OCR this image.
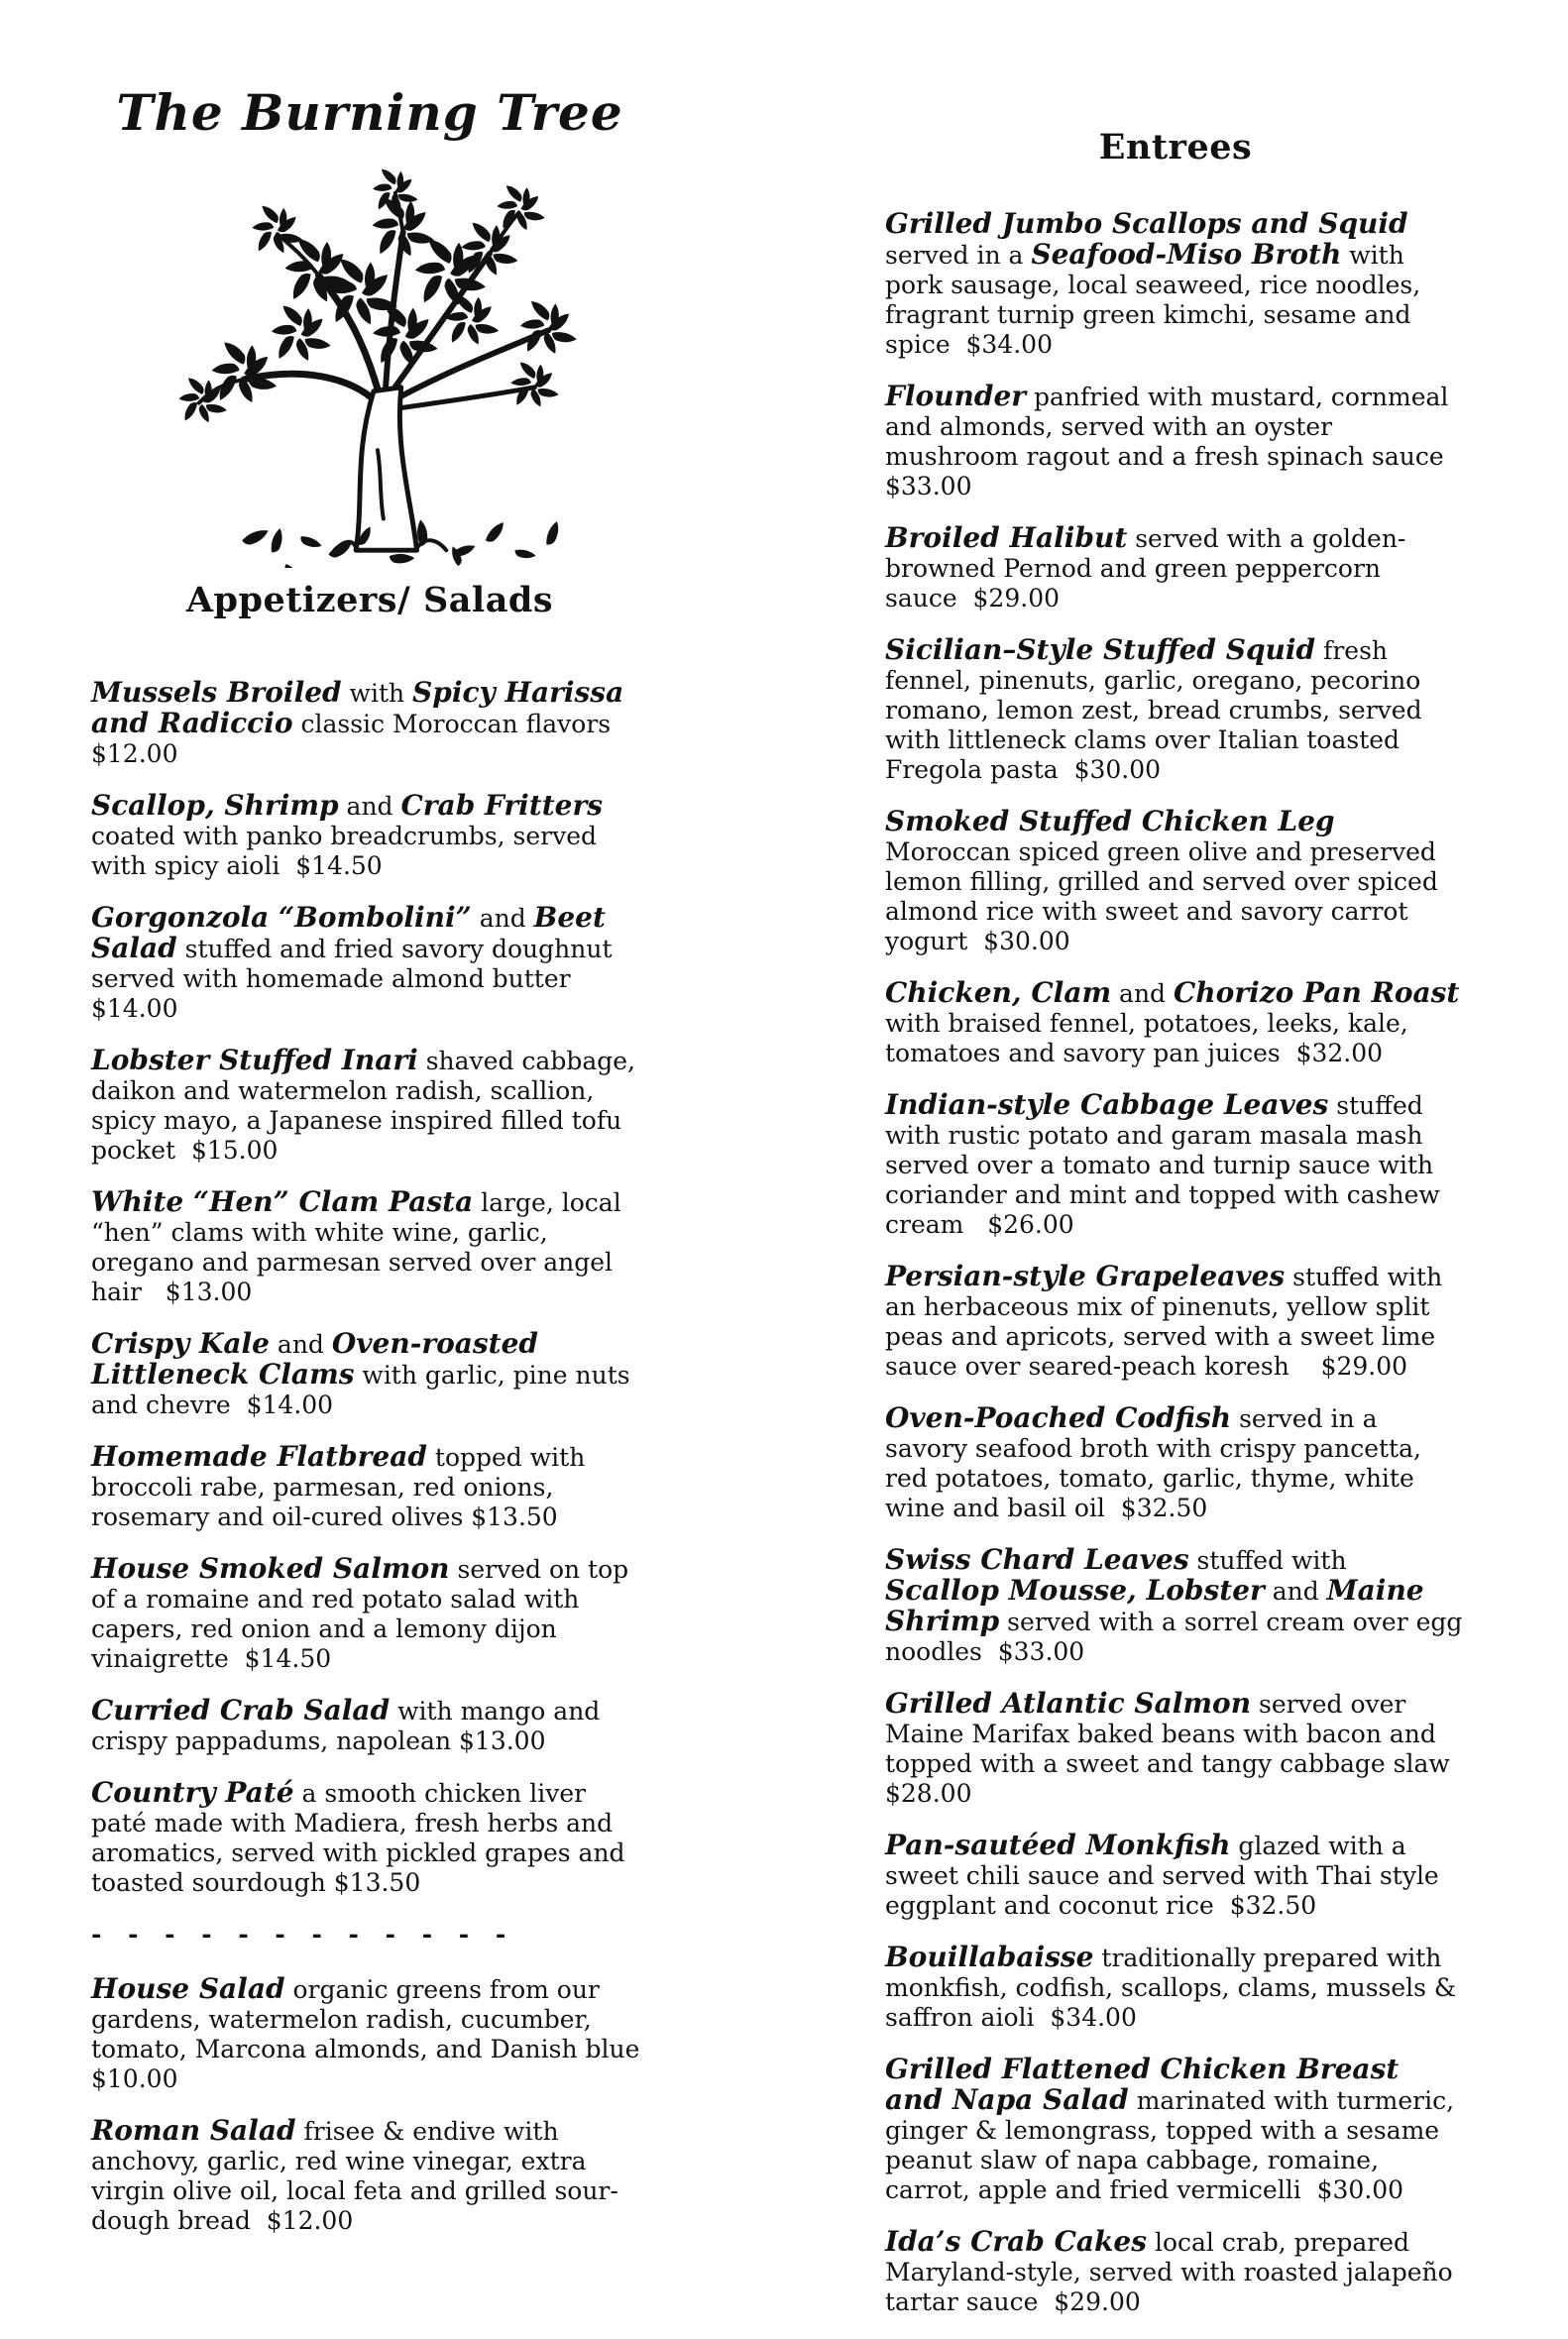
The Burning Tree
Appetizers/ Salads

Mussels Broiled with Spicy Harissa and Radiccio classic Moroccan flavors  $12.00

Scallop, Shrimp and Crab Fritters coated with panko breadcrumbs, served with spicy aioli  $14.50

Gorgonzola “Bombolini” and Beet Salad stuffed and fried savory doughnut served with homemade almond butter  $14.00

Lobster Stuffed Inari shaved cabbage, daikon and watermelon radish, scallion, spicy mayo, a Japanese inspired filled tofu pocket  $15.00

White “Hen” Clam Pasta large, local “hen” clams with white wine, garlic, oregano and parmesan served over angel hair   $13.00

Crispy Kale and Oven-roasted Littleneck Clams with garlic, pine nuts and chevre  $14.00

Homemade Flatbread topped with broccoli rabe, parmesan, red onions, rosemary and oil-cured olives $13.50

House Smoked Salmon served on top of a romaine and red potato salad with capers, red onion and a lemony dijon vinaigrette  $14.50

Curried Crab Salad with mango and crispy pappadums, napolean $13.00

Country Paté a smooth chicken liver paté made with Madiera, fresh herbs and aromatics, served with pickled grapes and toasted sourdough $13.50

- - - - - - - - - - - -

House Salad organic greens from our gardens, watermelon radish, cucumber, tomato, Marcona almonds, and Danish blue  $10.00

Roman Salad frisee & endive with anchovy, garlic, red wine vinegar, extra virgin olive oil, local feta and grilled sour-dough bread  $12.00

Entrees

Grilled Jumbo Scallops and Squid served in a Seafood-Miso Broth with pork sausage, local seaweed, rice noodles, fragrant turnip green kimchi, sesame and spice  $34.00

Flounder panfried with mustard, cornmeal and almonds, served with an oyster mushroom ragout and a fresh spinach sauce  $33.00

Broiled Halibut served with a golden-browned Pernod and green peppercorn sauce  $29.00

Sicilian–Style Stuffed Squid fresh fennel, pinenuts, garlic, oregano, pecorino romano, lemon zest, bread crumbs, served with littleneck clams over Italian toasted Fregola pasta  $30.00

Smoked Stuffed Chicken Leg Moroccan spiced green olive and preserved lemon filling, grilled and served over spiced almond rice with sweet and savory carrot yogurt  $30.00

Chicken, Clam and Chorizo Pan Roast with braised fennel, potatoes, leeks, kale, tomatoes and savory pan juices  $32.00

Indian-style Cabbage Leaves stuffed with rustic potato and garam masala mash served over a tomato and turnip sauce with coriander and mint and topped with cashew cream   $26.00

Persian-style Grapeleaves stuffed with an herbaceous mix of pinenuts, yellow split peas and apricots, served with a sweet lime sauce over seared-peach koresh    $29.00

Oven-Poached Codfish served in a savory seafood broth with crispy pancetta, red potatoes, tomato, garlic, thyme, white wine and basil oil  $32.50

Swiss Chard Leaves stuffed with Scallop Mousse, Lobster and Maine Shrimp served with a sorrel cream over egg noodles  $33.00

Grilled Atlantic Salmon served over Maine Marifax baked beans with bacon and topped with a sweet and tangy cabbage slaw  $28.00

Pan-sautéed Monkfish glazed with a sweet chili sauce and served with Thai style eggplant and coconut rice  $32.50

Bouillabaisse traditionally prepared with monkfish, codfish, scallops, clams, mussels & saffron aioli  $34.00

Grilled Flattened Chicken Breast and Napa Salad marinated with turmeric, ginger & lemongrass, topped with a sesame peanut slaw of napa cabbage, romaine, carrot, apple and fried vermicelli  $30.00

Ida’s Crab Cakes local crab, prepared Maryland-style, served with roasted jalapeño tartar sauce  $29.00
